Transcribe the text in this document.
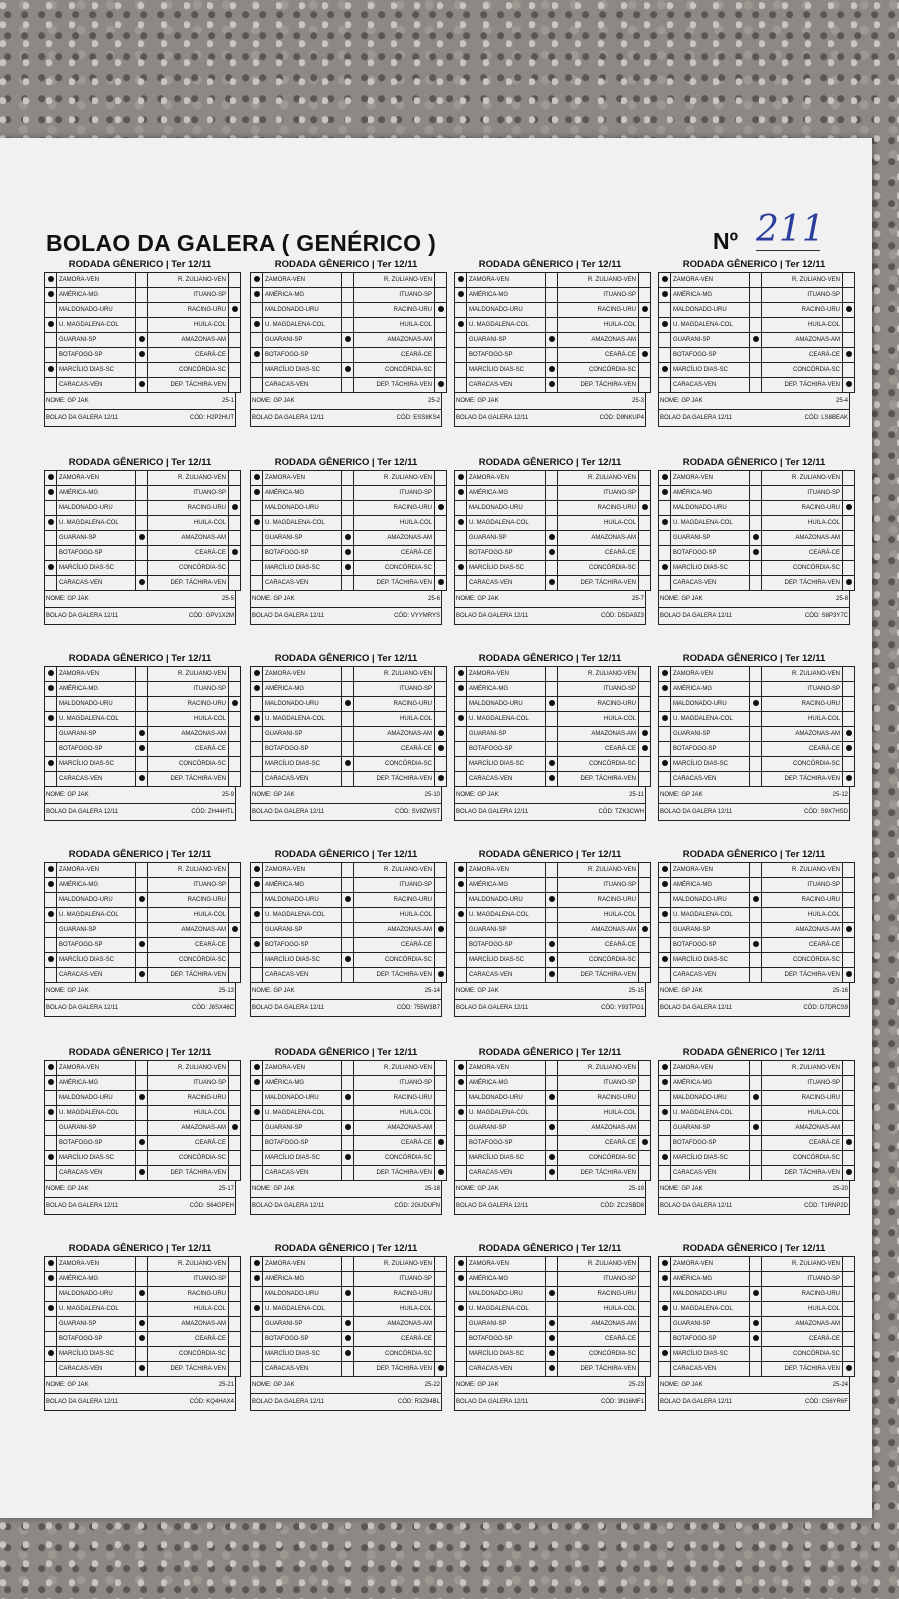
BOLAO DA GALERA ( GENÉRICO )	Nº 211
RODADA GÊNERICO | Ter 12/11
	ZAMORA-VEN		R. ZULIANO-VEN	
	AMÉRICA-MG		ITUANO-SP	
	MALDONADO-URU		RACING-URU	
	U. MAGDALENA-COL		HUILA-COL	
	GUARANI-SP		AMAZONAS-AM	
	BOTAFOGO-SP		CEARÁ-CE	
	MARCÍLIO DIAS-SC		CONCÓRDIA-SC	
	CARACAS-VEN		DEP. TÁCHIRA-VEN	
NOME: GP JAK	25-1
BOLAO DA GALERA 12/11	CÓD: H2P2HUT
RODADA GÊNERICO | Ter 12/11
	ZAMORA-VEN		R. ZULIANO-VEN	
	AMÉRICA-MG		ITUANO-SP	
	MALDONADO-URU		RACING-URU	
	U. MAGDALENA-COL		HUILA-COL	
	GUARANI-SP		AMAZONAS-AM	
	BOTAFOGO-SP		CEARÁ-CE	
	MARCÍLIO DIAS-SC		CONCÓRDIA-SC	
	CARACAS-VEN		DEP. TÁCHIRA-VEN	
NOME: GP JAK	25-2
BOLAO DA GALERA 12/11	CÓD: ESS8KS4
RODADA GÊNERICO | Ter 12/11
	ZAMORA-VEN		R. ZULIANO-VEN	
	AMÉRICA-MG		ITUANO-SP	
	MALDONADO-URU		RACING-URU	
	U. MAGDALENA-COL		HUILA-COL	
	GUARANI-SP		AMAZONAS-AM	
	BOTAFOGO-SP		CEARÁ-CE	
	MARCÍLIO DIAS-SC		CONCÓRDIA-SC	
	CARACAS-VEN		DEP. TÁCHIRA-VEN	
NOME: GP JAK	25-3
BOLAO DA GALERA 12/11	CÓD: D9NKUP4
RODADA GÊNERICO | Ter 12/11
	ZAMORA-VEN		R. ZULIANO-VEN	
	AMÉRICA-MG		ITUANO-SP	
	MALDONADO-URU		RACING-URU	
	U. MAGDALENA-COL		HUILA-COL	
	GUARANI-SP		AMAZONAS-AM	
	BOTAFOGO-SP		CEARÁ-CE	
	MARCÍLIO DIAS-SC		CONCÓRDIA-SC	
	CARACAS-VEN		DEP. TÁCHIRA-VEN	
NOME: GP JAK	25-4
BOLAO DA GALERA 12/11	CÓD: LS8BEAK
RODADA GÊNERICO | Ter 12/11
	ZAMORA-VEN		R. ZULIANO-VEN	
	AMÉRICA-MG		ITUANO-SP	
	MALDONADO-URU		RACING-URU	
	U. MAGDALENA-COL		HUILA-COL	
	GUARANI-SP		AMAZONAS-AM	
	BOTAFOGO-SP		CEARÁ-CE	
	MARCÍLIO DIAS-SC		CONCÓRDIA-SC	
	CARACAS-VEN		DEP. TÁCHIRA-VEN	
NOME: GP JAK	25-5
BOLAO DA GALERA 12/11	CÓD: GPV1X2M
RODADA GÊNERICO | Ter 12/11
	ZAMORA-VEN		R. ZULIANO-VEN	
	AMÉRICA-MG		ITUANO-SP	
	MALDONADO-URU		RACING-URU	
	U. MAGDALENA-COL		HUILA-COL	
	GUARANI-SP		AMAZONAS-AM	
	BOTAFOGO-SP		CEARÁ-CE	
	MARCÍLIO DIAS-SC		CONCÓRDIA-SC	
	CARACAS-VEN		DEP. TÁCHIRA-VEN	
NOME: GP JAK	25-6
BOLAO DA GALERA 12/11	CÓD: VYYMRYS
RODADA GÊNERICO | Ter 12/11
	ZAMORA-VEN		R. ZULIANO-VEN	
	AMÉRICA-MG		ITUANO-SP	
	MALDONADO-URU		RACING-URU	
	U. MAGDALENA-COL		HUILA-COL	
	GUARANI-SP		AMAZONAS-AM	
	BOTAFOGO-SP		CEARÁ-CE	
	MARCÍLIO DIAS-SC		CONCÓRDIA-SC	
	CARACAS-VEN		DEP. TÁCHIRA-VEN	
NOME: GP JAK	25-7
BOLAO DA GALERA 12/11	CÓD: D5DA9Z3
RODADA GÊNERICO | Ter 12/11
	ZAMORA-VEN		R. ZULIANO-VEN	
	AMÉRICA-MG		ITUANO-SP	
	MALDONADO-URU		RACING-URU	
	U. MAGDALENA-COL		HUILA-COL	
	GUARANI-SP		AMAZONAS-AM	
	BOTAFOGO-SP		CEARÁ-CE	
	MARCÍLIO DIAS-SC		CONCÓRDIA-SC	
	CARACAS-VEN		DEP. TÁCHIRA-VEN	
NOME: GP JAK	25-8
BOLAO DA GALERA 12/11	CÓD: S8P3Y7C
RODADA GÊNERICO | Ter 12/11
	ZAMORA-VEN		R. ZULIANO-VEN	
	AMÉRICA-MG		ITUANO-SP	
	MALDONADO-URU		RACING-URU	
	U. MAGDALENA-COL		HUILA-COL	
	GUARANI-SP		AMAZONAS-AM	
	BOTAFOGO-SP		CEARÁ-CE	
	MARCÍLIO DIAS-SC		CONCÓRDIA-SC	
	CARACAS-VEN		DEP. TÁCHIRA-VEN	
NOME: GP JAK	25-9
BOLAO DA GALERA 12/11	CÓD: ZH44HTL
RODADA GÊNERICO | Ter 12/11
	ZAMORA-VEN		R. ZULIANO-VEN	
	AMÉRICA-MG		ITUANO-SP	
	MALDONADO-URU		RACING-URU	
	U. MAGDALENA-COL		HUILA-COL	
	GUARANI-SP		AMAZONAS-AM	
	BOTAFOGO-SP		CEARÁ-CE	
	MARCÍLIO DIAS-SC		CONCÓRDIA-SC	
	CARACAS-VEN		DEP. TÁCHIRA-VEN	
NOME: GP JAK	25-10
BOLAO DA GALERA 12/11	CÓD: SV8ZWST
RODADA GÊNERICO | Ter 12/11
	ZAMORA-VEN		R. ZULIANO-VEN	
	AMÉRICA-MG		ITUANO-SP	
	MALDONADO-URU		RACING-URU	
	U. MAGDALENA-COL		HUILA-COL	
	GUARANI-SP		AMAZONAS-AM	
	BOTAFOGO-SP		CEARÁ-CE	
	MARCÍLIO DIAS-SC		CONCÓRDIA-SC	
	CARACAS-VEN		DEP. TÁCHIRA-VEN	
NOME: GP JAK	25-11
BOLAO DA GALERA 12/11	CÓD: TZK3CWH
RODADA GÊNERICO | Ter 12/11
	ZAMORA-VEN		R. ZULIANO-VEN	
	AMÉRICA-MG		ITUANO-SP	
	MALDONADO-URU		RACING-URU	
	U. MAGDALENA-COL		HUILA-COL	
	GUARANI-SP		AMAZONAS-AM	
	BOTAFOGO-SP		CEARÁ-CE	
	MARCÍLIO DIAS-SC		CONCÓRDIA-SC	
	CARACAS-VEN		DEP. TÁCHIRA-VEN	
NOME: GP JAK	25-12
BOLAO DA GALERA 12/11	CÓD: S9X7HSD
RODADA GÊNERICO | Ter 12/11
	ZAMORA-VEN		R. ZULIANO-VEN	
	AMÉRICA-MG		ITUANO-SP	
	MALDONADO-URU		RACING-URU	
	U. MAGDALENA-COL		HUILA-COL	
	GUARANI-SP		AMAZONAS-AM	
	BOTAFOGO-SP		CEARÁ-CE	
	MARCÍLIO DIAS-SC		CONCÓRDIA-SC	
	CARACAS-VEN		DEP. TÁCHIRA-VEN	
NOME: GP JAK	25-13
BOLAO DA GALERA 12/11	CÓD: J6SX46C
RODADA GÊNERICO | Ter 12/11
	ZAMORA-VEN		R. ZULIANO-VEN	
	AMÉRICA-MG		ITUANO-SP	
	MALDONADO-URU		RACING-URU	
	U. MAGDALENA-COL		HUILA-COL	
	GUARANI-SP		AMAZONAS-AM	
	BOTAFOGO-SP		CEARÁ-CE	
	MARCÍLIO DIAS-SC		CONCÓRDIA-SC	
	CARACAS-VEN		DEP. TÁCHIRA-VEN	
NOME: GP JAK	25-14
BOLAO DA GALERA 12/11	CÓD: 755W3B7
RODADA GÊNERICO | Ter 12/11
	ZAMORA-VEN		R. ZULIANO-VEN	
	AMÉRICA-MG		ITUANO-SP	
	MALDONADO-URU		RACING-URU	
	U. MAGDALENA-COL		HUILA-COL	
	GUARANI-SP		AMAZONAS-AM	
	BOTAFOGO-SP		CEARÁ-CE	
	MARCÍLIO DIAS-SC		CONCÓRDIA-SC	
	CARACAS-VEN		DEP. TÁCHIRA-VEN	
NOME: GP JAK	25-15
BOLAO DA GALERA 12/11	CÓD: Y93TPG1
RODADA GÊNERICO | Ter 12/11
	ZAMORA-VEN		R. ZULIANO-VEN	
	AMÉRICA-MG		ITUANO-SP	
	MALDONADO-URU		RACING-URU	
	U. MAGDALENA-COL		HUILA-COL	
	GUARANI-SP		AMAZONAS-AM	
	BOTAFOGO-SP		CEARÁ-CE	
	MARCÍLIO DIAS-SC		CONCÓRDIA-SC	
	CARACAS-VEN		DEP. TÁCHIRA-VEN	
NOME: GP JAK	25-16
BOLAO DA GALERA 12/11	CÓD: D7DRCS9
RODADA GÊNERICO | Ter 12/11
	ZAMORA-VEN		R. ZULIANO-VEN	
	AMÉRICA-MG		ITUANO-SP	
	MALDONADO-URU		RACING-URU	
	U. MAGDALENA-COL		HUILA-COL	
	GUARANI-SP		AMAZONAS-AM	
	BOTAFOGO-SP		CEARÁ-CE	
	MARCÍLIO DIAS-SC		CONCÓRDIA-SC	
	CARACAS-VEN		DEP. TÁCHIRA-VEN	
NOME: GP JAK	25-17
BOLAO DA GALERA 12/11	CÓD: S64GPEH
RODADA GÊNERICO | Ter 12/11
	ZAMORA-VEN		R. ZULIANO-VEN	
	AMÉRICA-MG		ITUANO-SP	
	MALDONADO-URU		RACING-URU	
	U. MAGDALENA-COL		HUILA-COL	
	GUARANI-SP		AMAZONAS-AM	
	BOTAFOGO-SP		CEARÁ-CE	
	MARCÍLIO DIAS-SC		CONCÓRDIA-SC	
	CARACAS-VEN		DEP. TÁCHIRA-VEN	
NOME: GP JAK	25-18
BOLAO DA GALERA 12/11	CÓD: 2GUDUFN
RODADA GÊNERICO | Ter 12/11
	ZAMORA-VEN		R. ZULIANO-VEN	
	AMÉRICA-MG		ITUANO-SP	
	MALDONADO-URU		RACING-URU	
	U. MAGDALENA-COL		HUILA-COL	
	GUARANI-SP		AMAZONAS-AM	
	BOTAFOGO-SP		CEARÁ-CE	
	MARCÍLIO DIAS-SC		CONCÓRDIA-SC	
	CARACAS-VEN		DEP. TÁCHIRA-VEN	
NOME: GP JAK	25-19
BOLAO DA GALERA 12/11	CÓD: ZC2SBD8
RODADA GÊNERICO | Ter 12/11
	ZAMORA-VEN		R. ZULIANO-VEN	
	AMÉRICA-MG		ITUANO-SP	
	MALDONADO-URU		RACING-URU	
	U. MAGDALENA-COL		HUILA-COL	
	GUARANI-SP		AMAZONAS-AM	
	BOTAFOGO-SP		CEARÁ-CE	
	MARCÍLIO DIAS-SC		CONCÓRDIA-SC	
	CARACAS-VEN		DEP. TÁCHIRA-VEN	
NOME: GP JAK	25-20
BOLAO DA GALERA 12/11	CÓD: T1RNP2D
RODADA GÊNERICO | Ter 12/11
	ZAMORA-VEN		R. ZULIANO-VEN	
	AMÉRICA-MG		ITUANO-SP	
	MALDONADO-URU		RACING-URU	
	U. MAGDALENA-COL		HUILA-COL	
	GUARANI-SP		AMAZONAS-AM	
	BOTAFOGO-SP		CEARÁ-CE	
	MARCÍLIO DIAS-SC		CONCÓRDIA-SC	
	CARACAS-VEN		DEP. TÁCHIRA-VEN	
NOME: GP JAK	25-21
BOLAO DA GALERA 12/11	CÓD: KQ4HAX4
RODADA GÊNERICO | Ter 12/11
	ZAMORA-VEN		R. ZULIANO-VEN	
	AMÉRICA-MG		ITUANO-SP	
	MALDONADO-URU		RACING-URU	
	U. MAGDALENA-COL		HUILA-COL	
	GUARANI-SP		AMAZONAS-AM	
	BOTAFOGO-SP		CEARÁ-CE	
	MARCÍLIO DIAS-SC		CONCÓRDIA-SC	
	CARACAS-VEN		DEP. TÁCHIRA-VEN	
NOME: GP JAK	25-22
BOLAO DA GALERA 12/11	CÓD: R3Z84BL
RODADA GÊNERICO | Ter 12/11
	ZAMORA-VEN		R. ZULIANO-VEN	
	AMÉRICA-MG		ITUANO-SP	
	MALDONADO-URU		RACING-URU	
	U. MAGDALENA-COL		HUILA-COL	
	GUARANI-SP		AMAZONAS-AM	
	BOTAFOGO-SP		CEARÁ-CE	
	MARCÍLIO DIAS-SC		CONCÓRDIA-SC	
	CARACAS-VEN		DEP. TÁCHIRA-VEN	
NOME: GP JAK	25-23
BOLAO DA GALERA 12/11	CÓD: 3N16MF1
RODADA GÊNERICO | Ter 12/11
	ZAMORA-VEN		R. ZULIANO-VEN	
	AMÉRICA-MG		ITUANO-SP	
	MALDONADO-URU		RACING-URU	
	U. MAGDALENA-COL		HUILA-COL	
	GUARANI-SP		AMAZONAS-AM	
	BOTAFOGO-SP		CEARÁ-CE	
	MARCÍLIO DIAS-SC		CONCÓRDIA-SC	
	CARACAS-VEN		DEP. TÁCHIRA-VEN	
NOME: GP JAK	25-24
BOLAO DA GALERA 12/11	CÓD: C56YR6F
